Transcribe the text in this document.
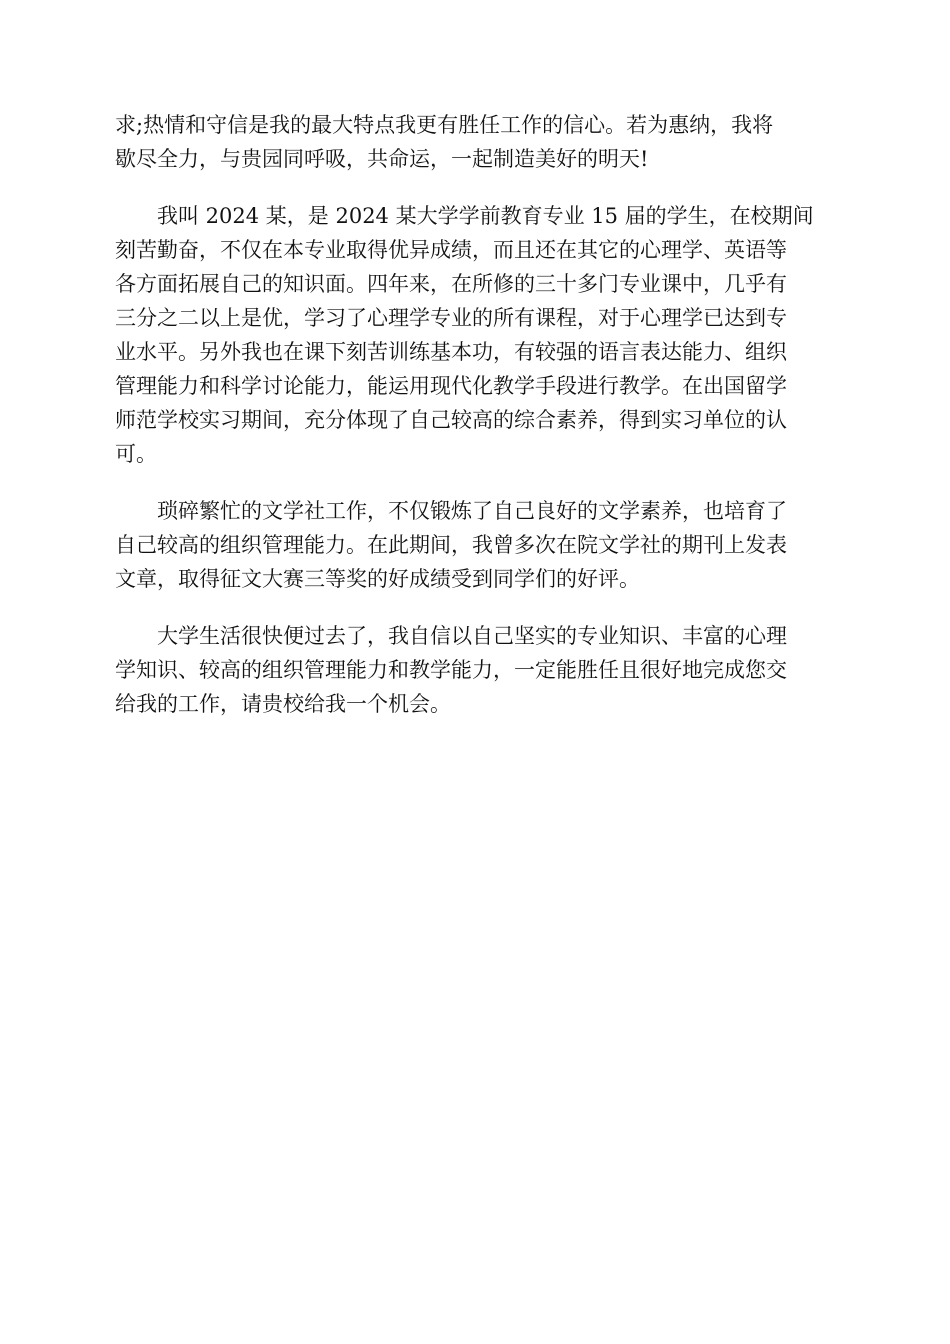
求;热情和守信是我的最大特点我更有胜任工作的信心。若为惠纳，我将
歇尽全力，与贵园同呼吸，共命运，一起制造美好的明天!

我叫 2024 某，是 2024 某大学学前教育专业 15 届的学生，在校期间
刻苦勤奋，不仅在本专业取得优异成绩，而且还在其它的心理学、英语等
各方面拓展自己的知识面。四年来，在所修的三十多门专业课中，几乎有
三分之二以上是优，学习了心理学专业的所有课程，对于心理学已达到专
业水平。另外我也在课下刻苦训练基本功，有较强的语言表达能力、组织
管理能力和科学讨论能力，能运用现代化教学手段进行教学。在出国留学
师范学校实习期间，充分体现了自己较高的综合素养，得到实习单位的认
可。

琐碎繁忙的文学社工作，不仅锻炼了自己良好的文学素养，也培育了
自己较高的组织管理能力。在此期间，我曾多次在院文学社的期刊上发表
文章，取得征文大赛三等奖的好成绩受到同学们的好评。

大学生活很快便过去了，我自信以自己坚实的专业知识、丰富的心理
学知识、较高的组织管理能力和教学能力，一定能胜任且很好地完成您交
给我的工作，请贵校给我一个机会。
